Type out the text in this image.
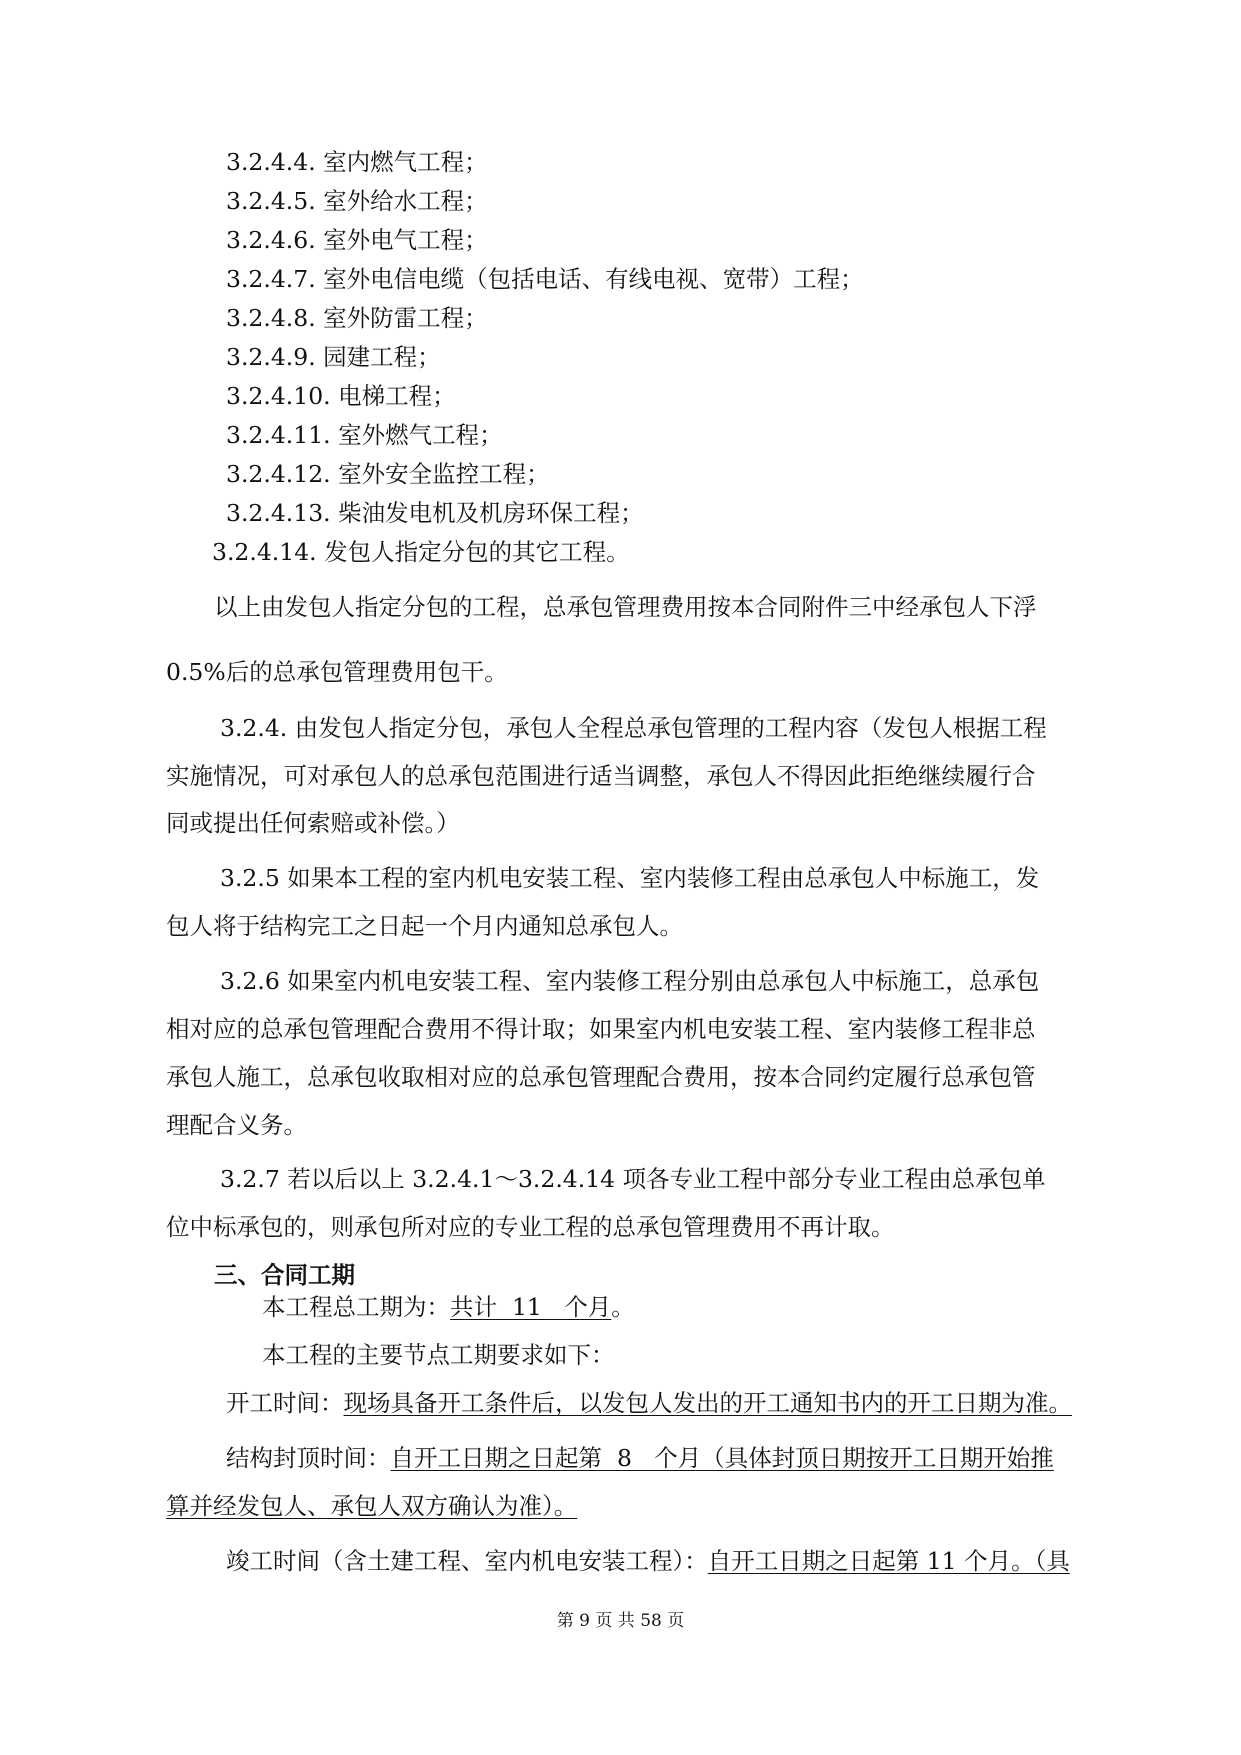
3.2.4.4. 室内燃气工程；
3.2.4.5. 室外给水工程；
3.2.4.6. 室外电气工程；
3.2.4.7. 室外电信电缆（包括电话、有线电视、宽带）工程；
3.2.4.8. 室外防雷工程；
3.2.4.9. 园建工程；
3.2.4.10. 电梯工程；
3.2.4.11. 室外燃气工程；
3.2.4.12. 室外安全监控工程；
3.2.4.13. 柴油发电机及机房环保工程；
3.2.4.14. 发包人指定分包的其它工程。
以上由发包人指定分包的工程，总承包管理费用按本合同附件三中经承包人下浮
0.5%后的总承包管理费用包干。
3.2.4. 由发包人指定分包，承包人全程总承包管理的工程内容（发包人根据工程
实施情况，可对承包人的总承包范围进行适当调整，承包人不得因此拒绝继续履行合
同或提出任何索赔或补偿。）
3.2.5 如果本工程的室内机电安装工程、室内装修工程由总承包人中标施工，发
包人将于结构完工之日起一个月内通知总承包人。
3.2.6 如果室内机电安装工程、室内装修工程分别由总承包人中标施工，总承包
相对应的总承包管理配合费用不得计取；如果室内机电安装工程、室内装修工程非总
承包人施工，总承包收取相对应的总承包管理配合费用，按本合同约定履行总承包管
理配合义务。
3.2.7 若以后以上 3.2.4.1～3.2.4.14 项各专业工程中部分专业工程由总承包单
位中标承包的，则承包所对应的专业工程的总承包管理费用不再计取。
三、合同工期
本工程总工期为：共计  11   个月。
本工程的主要节点工期要求如下：
开工时间：现场具备开工条件后，以发包人发出的开工通知书内的开工日期为准。
结构封顶时间：自开工日期之日起第  8   个月（具体封顶日期按开工日期开始推
算并经发包人、承包人双方确认为准）。
竣工时间（含土建工程、室内机电安装工程）：自开工日期之日起第 11 个月。（具
第 9 页 共 58 页
